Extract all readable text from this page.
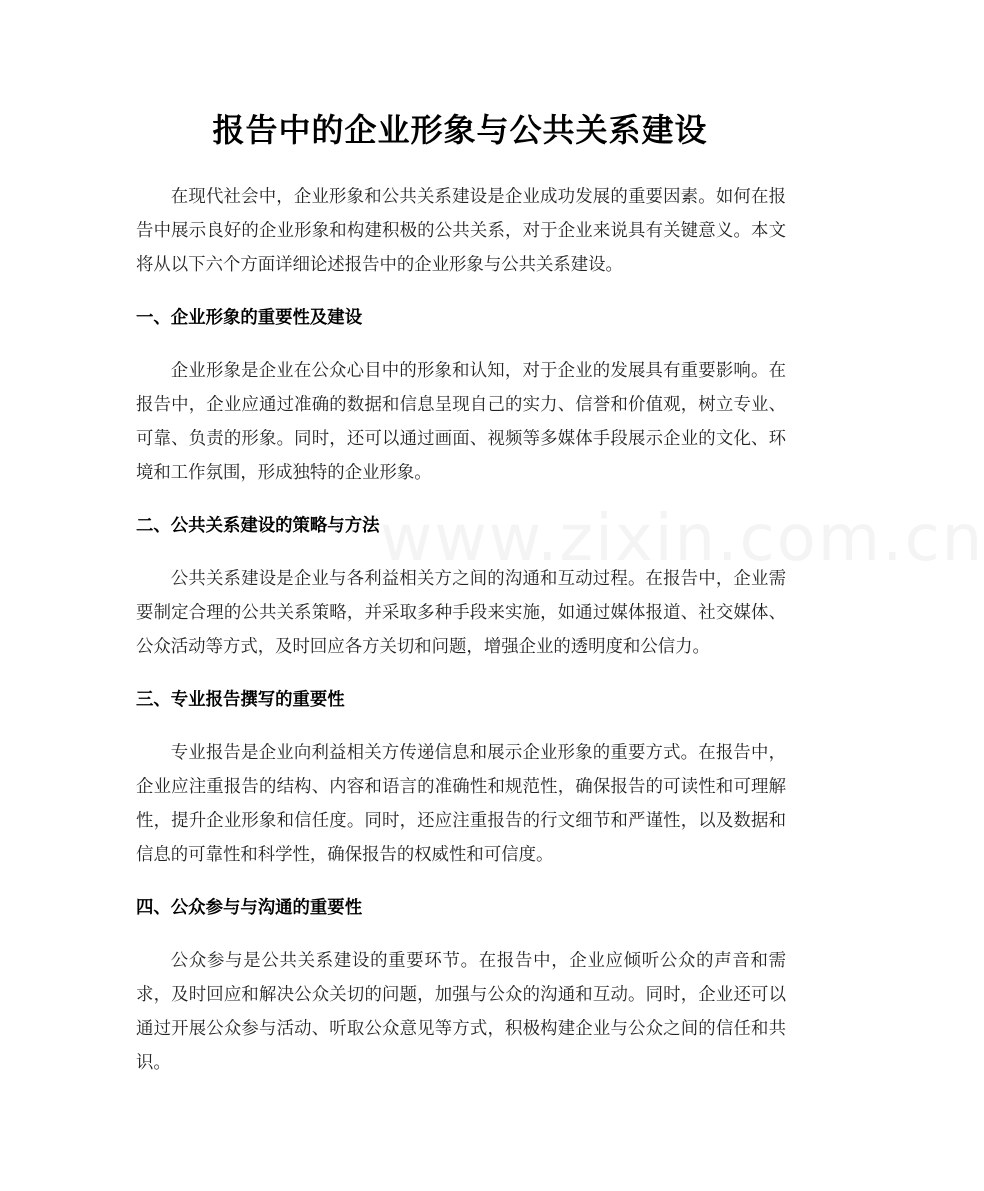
www.zixin.com.cn
报告中的企业形象与公共关系建设

在现代社会中，企业形象和公共关系建设是企业成功发展的重要因素。如何在报告中展示良好的企业形象和构建积极的公共关系，对于企业来说具有关键意义。本文将从以下六个方面详细论述报告中的企业形象与公共关系建设。

一、企业形象的重要性及建设

企业形象是企业在公众心目中的形象和认知，对于企业的发展具有重要影响。在报告中，企业应通过准确的数据和信息呈现自己的实力、信誉和价值观，树立专业、可靠、负责的形象。同时，还可以通过画面、视频等多媒体手段展示企业的文化、环境和工作氛围，形成独特的企业形象。

二、公共关系建设的策略与方法

公共关系建设是企业与各利益相关方之间的沟通和互动过程。在报告中，企业需要制定合理的公共关系策略，并采取多种手段来实施，如通过媒体报道、社交媒体、公众活动等方式，及时回应各方关切和问题，增强企业的透明度和公信力。

三、专业报告撰写的重要性

专业报告是企业向利益相关方传递信息和展示企业形象的重要方式。在报告中，企业应注重报告的结构、内容和语言的准确性和规范性，确保报告的可读性和可理解性，提升企业形象和信任度。同时，还应注重报告的行文细节和严谨性，以及数据和信息的可靠性和科学性，确保报告的权威性和可信度。

四、公众参与与沟通的重要性

公众参与是公共关系建设的重要环节。在报告中，企业应倾听公众的声音和需求，及时回应和解决公众关切的问题，加强与公众的沟通和互动。同时，企业还可以通过开展公众参与活动、听取公众意见等方式，积极构建企业与公众之间的信任和共识。
